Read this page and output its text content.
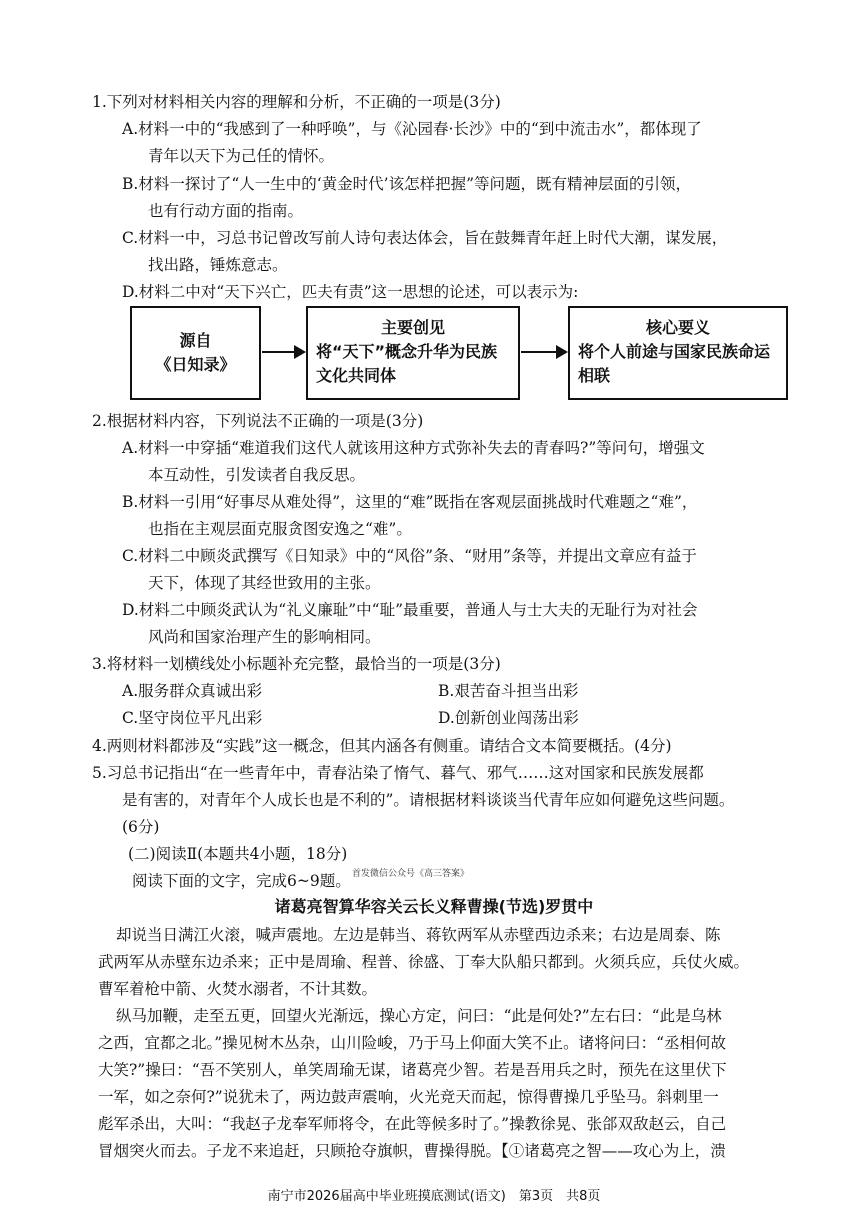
1.下列对材料相关内容的理解和分析，不正确的一项是(3分)
A.材料一中的“我感到了一种呼唤”，与《沁园春·长沙》中的“到中流击水”，都体现了
青年以天下为己任的情怀。
B.材料一探讨了“人一生中的‘黄金时代’该怎样把握”等问题，既有精神层面的引领，
也有行动方面的指南。
C.材料一中，习总书记曾改写前人诗句表达体会，旨在鼓舞青年赶上时代大潮，谋发展，
找出路，锤炼意志。
D.材料二中对“天下兴亡，匹夫有责”这一思想的论述，可以表示为:
源自
《日知录》
主要创见
将“天下”概念升华为民族
文化共同体
核心要义
将个人前途与国家民族命运
相联
2.根据材料内容，下列说法不正确的一项是(3分)
A.材料一中穿插“难道我们这代人就该用这种方式弥补失去的青春吗?”等问句，增强文
本互动性，引发读者自我反思。
B.材料一引用“好事尽从难处得”，这里的“难”既指在客观层面挑战时代难题之“难”，
也指在主观层面克服贪图安逸之“难”。
C.材料二中顾炎武撰写《日知录》中的“风俗”条、“财用”条等，并提出文章应有益于
天下，体现了其经世致用的主张。
D.材料二中顾炎武认为“礼义廉耻”中“耻”最重要，普通人与士大夫的无耻行为对社会
风尚和国家治理产生的影响相同。
3.将材料一划横线处小标题补充完整，最恰当的一项是(3分)
A.服务群众真诚出彩	B.艰苦奋斗担当出彩
C.坚守岗位平凡出彩	D.创新创业闯荡出彩
4.两则材料都涉及“实践”这一概念，但其内涵各有侧重。请结合文本简要概括。(4分)
5.习总书记指出“在一些青年中，青春沾染了惰气、暮气、邪气……这对国家和民族发展都
是有害的，对青年个人成长也是不利的”。请根据材料谈谈当代青年应如何避免这些问题。
(6分)
(二)阅读Ⅱ(本题共4小题，18分)
阅读下面的文字，完成6~9题。 首发微信公众号《高三答案》
诸葛亮智算华容关云长义释曹操(节选)罗贯中
却说当日满江火滚，喊声震地。左边是韩当、蒋钦两军从赤壁西边杀来；右边是周泰、陈
武两军从赤壁东边杀来；正中是周瑜、程普、徐盛、丁奉大队船只都到。火须兵应，兵仗火威。
曹军着枪中箭、火焚水溺者，不计其数。
纵马加鞭，走至五更，回望火光渐远，操心方定，问曰：“此是何处?”左右曰：“此是乌林
之西，宜都之北。”操见树木丛杂，山川险峻，乃于马上仰面大笑不止。诸将问曰：“丞相何故
大笑?”操曰：“吾不笑别人，单笑周瑜无谋，诸葛亮少智。若是吾用兵之时，预先在这里伏下
一军，如之奈何?”说犹未了，两边鼓声震响，火光竞天而起，惊得曹操几乎坠马。斜刺里一
彪军杀出，大叫：“我赵子龙奉军师将令，在此等候多时了。”操教徐晃、张郃双敌赵云，自己
冒烟突火而去。子龙不来追赶，只顾抢夺旗帜，曹操得脱。【①诸葛亮之智——攻心为上，溃
南宁市2026届高中毕业班摸底测试(语文)　第3页　共8页
